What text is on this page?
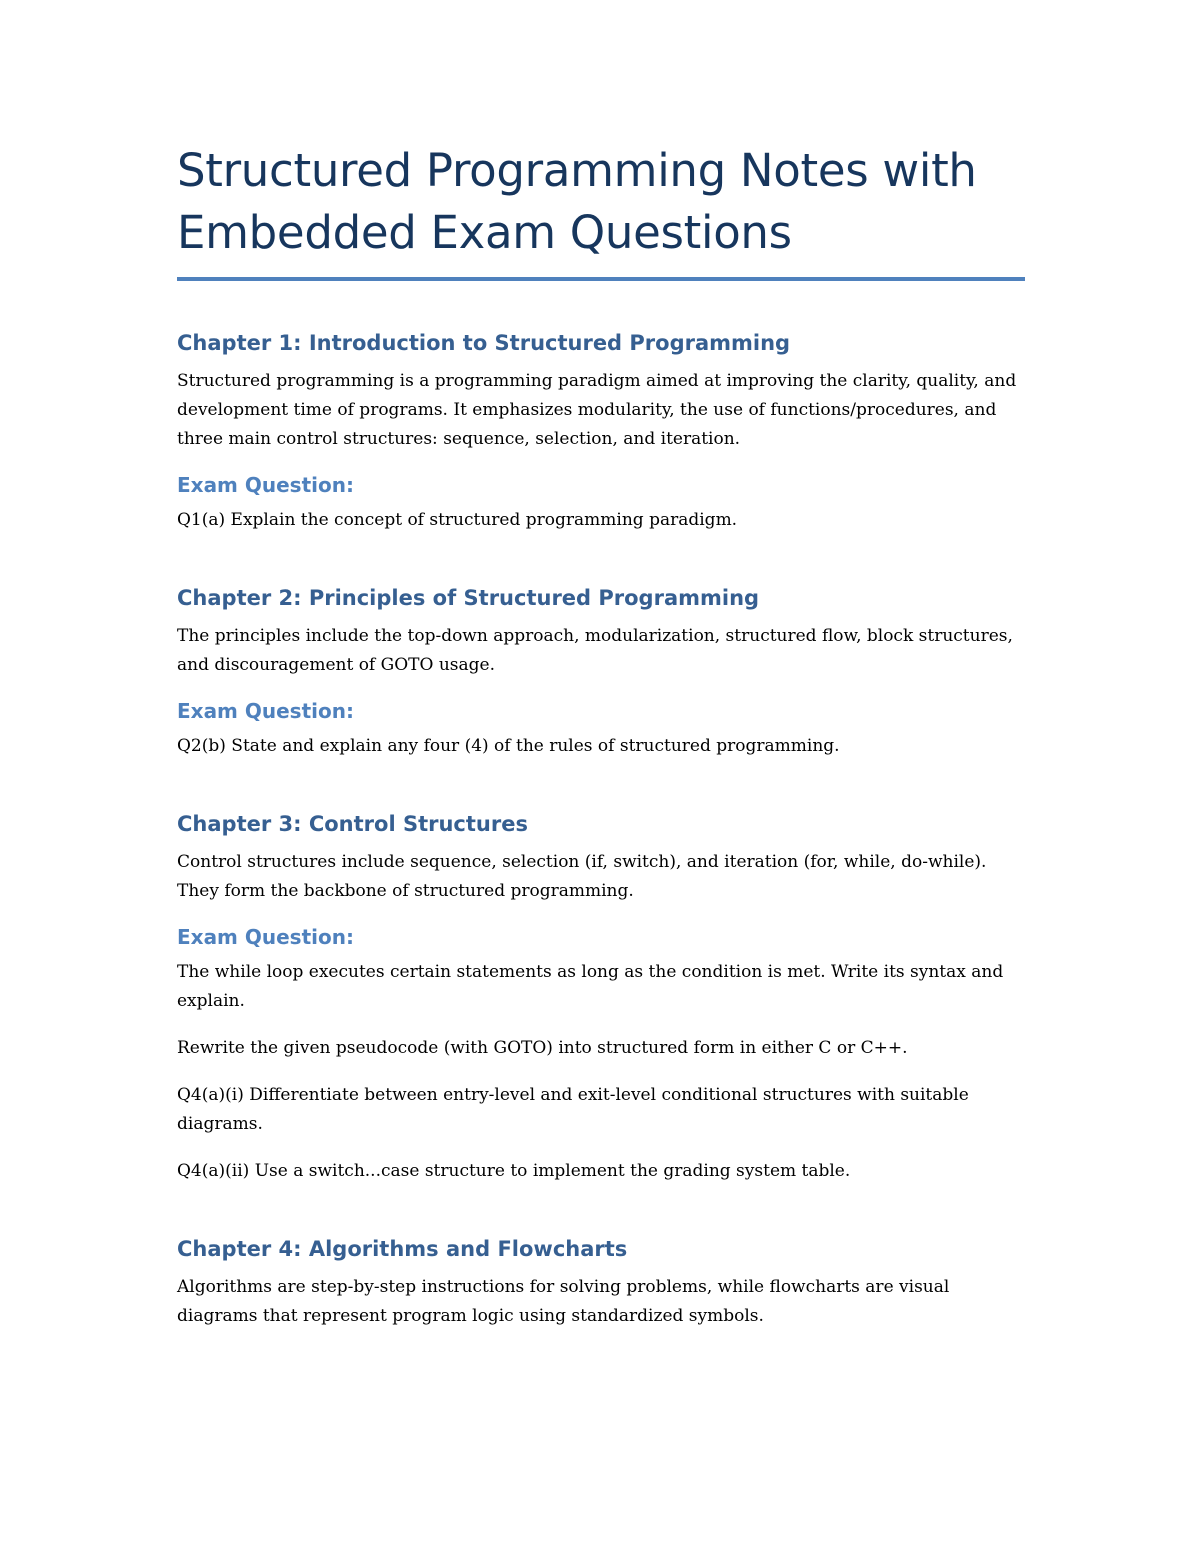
Structured Programming Notes with Embedded Exam Questions
Chapter 1: Introduction to Structured Programming

Structured programming is a programming paradigm aimed at improving the clarity, quality, and development time of programs. It emphasizes modularity, the use of functions/procedures, and three main control structures: sequence, selection, and iteration.

Exam Question:

Q1(a) Explain the concept of structured programming paradigm.

Chapter 2: Principles of Structured Programming

The principles include the top-down approach, modularization, structured flow, block structures, and discouragement of GOTO usage.

Exam Question:

Q2(b) State and explain any four (4) of the rules of structured programming.

Chapter 3: Control Structures

Control structures include sequence, selection (if, switch), and iteration (for, while, do-while). They form the backbone of structured programming.

Exam Question:

The while loop executes certain statements as long as the condition is met. Write its syntax and explain.

Rewrite the given pseudocode (with GOTO) into structured form in either C or C++.

Q4(a)(i) Differentiate between entry-level and exit-level conditional structures with suitable diagrams.

Q4(a)(ii) Use a switch...case structure to implement the grading system table.

Chapter 4: Algorithms and Flowcharts

Algorithms are step-by-step instructions for solving problems, while flowcharts are visual diagrams that represent program logic using standardized symbols.
